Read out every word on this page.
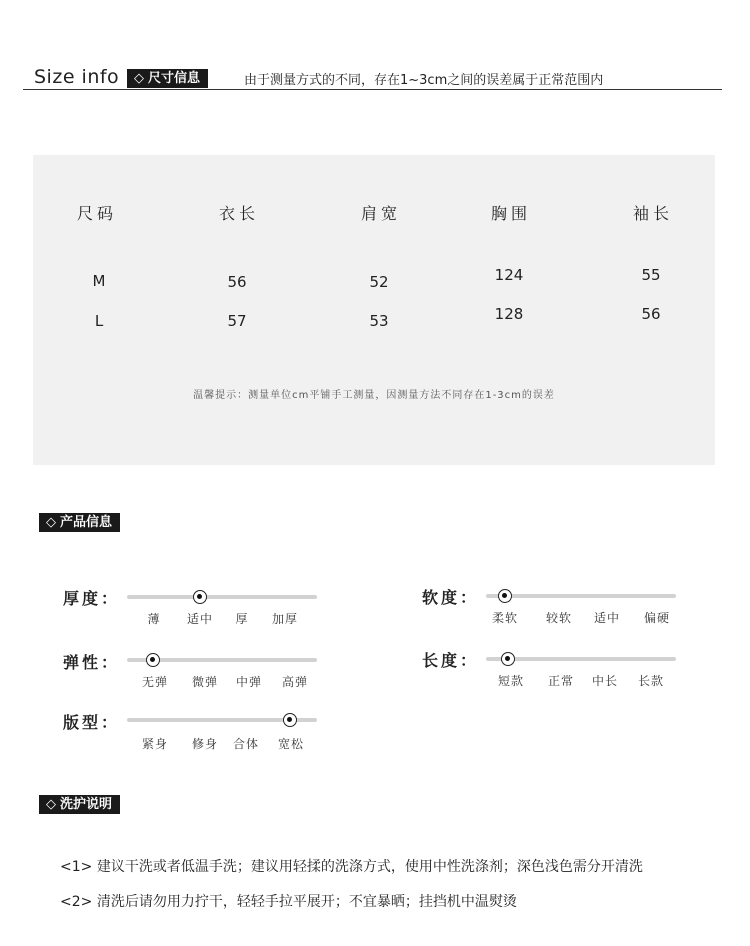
Size info	◇ 尺寸信息	由于测量方式的不同，存在1~3cm之间的误差属于正常范围内
尺码	衣长	肩宽	胸围	袖长
M	56	52	124	55
L	57	53	128	56
温馨提示：测量单位cm平铺手工测量，因测量方法不同存在1-3cm的误差
◇ 产品信息
厚度：
薄	适中	厚	加厚
软度：
柔软	较软	适中	偏硬
弹性：
无弹	微弹	中弹	高弹
长度：
短款	正常	中长	长款
版型：
紧身	修身	合体	宽松
◇ 洗护说明
<1> 建议干洗或者低温手洗；建议用轻揉的洗涤方式，使用中性洗涤剂；深色浅色需分开清洗
<2> 清洗后请勿用力拧干，轻轻手拉平展开；不宜暴晒；挂挡机中温熨烫
